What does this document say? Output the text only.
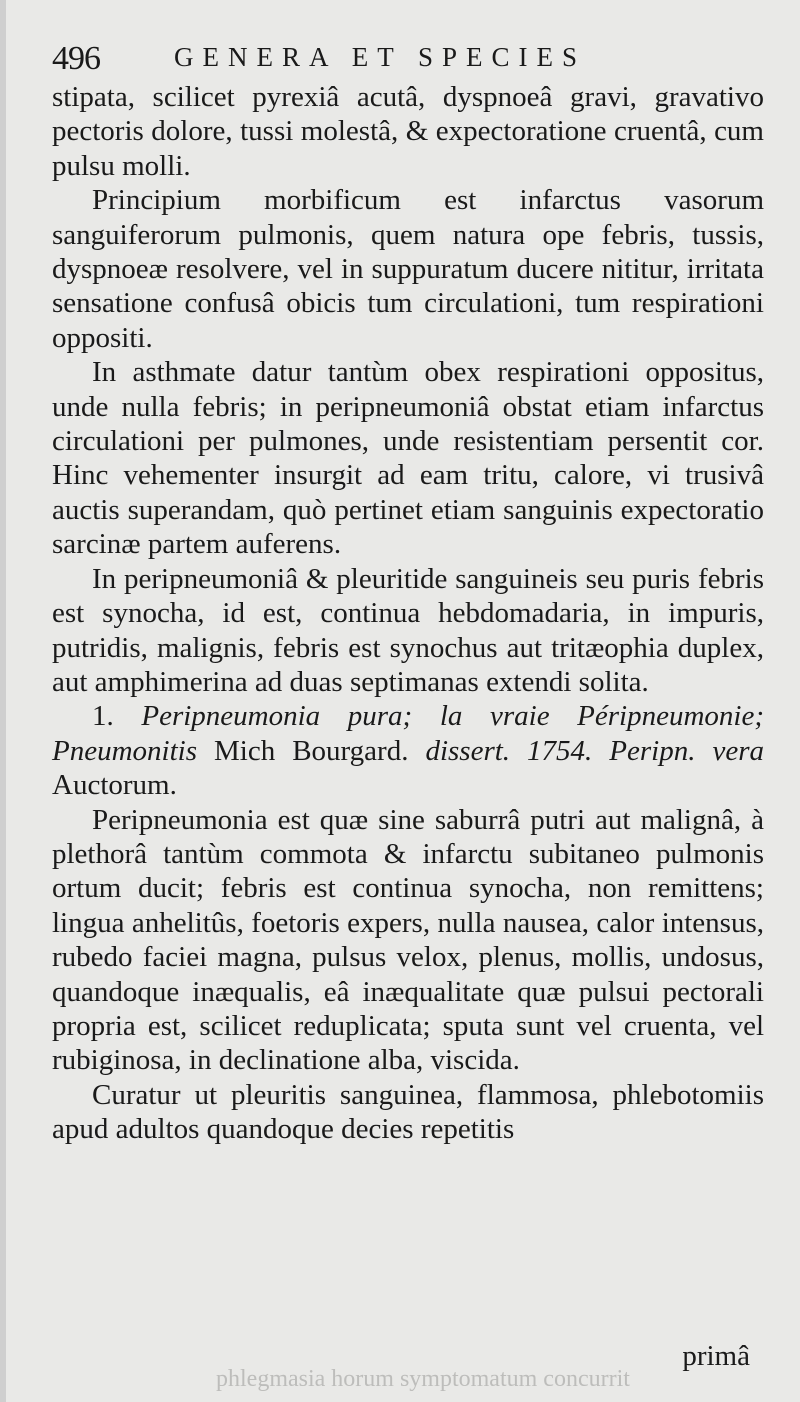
496	GENERA ET SPECIES

stipata, scilicet pyrexiâ acutâ, dyspnoeâ gravi, gravativo pectoris dolore, tussi molestâ, & expectoratione cruentâ, cum pulsu molli.

Principium morbificum est infarctus vasorum sanguiferorum pulmonis, quem natura ope febris, tussis, dyspnoeæ resolvere, vel in suppuratum ducere nititur, irritata sensatione confusâ obicis tum circulationi, tum respirationi oppositi.

In asthmate datur tantùm obex respirationi oppositus, unde nulla febris; in peripneumoniâ obstat etiam infarctus circulationi per pulmones, unde resistentiam persentit cor. Hinc vehementer insurgit ad eam tritu, calore, vi trusivâ auctis superandam, quò pertinet etiam sanguinis expectoratio sarcinæ partem auferens.

In peripneumoniâ & pleuritide sanguineis seu puris febris est synocha, id est, continua hebdomadaria, in impuris, putridis, malignis, febris est synochus aut tritæophia duplex, aut amphimerina ad duas septimanas extendi solita.

1. Peripneumonia pura; la vraie Péripneumonie; Pneumonitis Mich Bourgard. dissert. 1754. Peripn. vera Auctorum.

Peripneumonia est quæ sine saburrâ putri aut malignâ, à plethorâ tantùm commota & infarctu subitaneo pulmonis ortum ducit; febris est continua synocha, non remittens; lingua anhelitûs, foetoris expers, nulla nausea, calor intensus, rubedo faciei magna, pulsus velox, plenus, mollis, undosus, quandoque inæqualis, eâ inæqualitate quæ pulsui pectorali propria est, scilicet reduplicata; sputa sunt vel cruenta, vel rubiginosa, in declinatione alba, viscida.

Curatur ut pleuritis sanguinea, flammosa, phlebotomiis apud adultos quandoque decies repetitis

phlegmasia horum symptomatum concurrit
primâ
